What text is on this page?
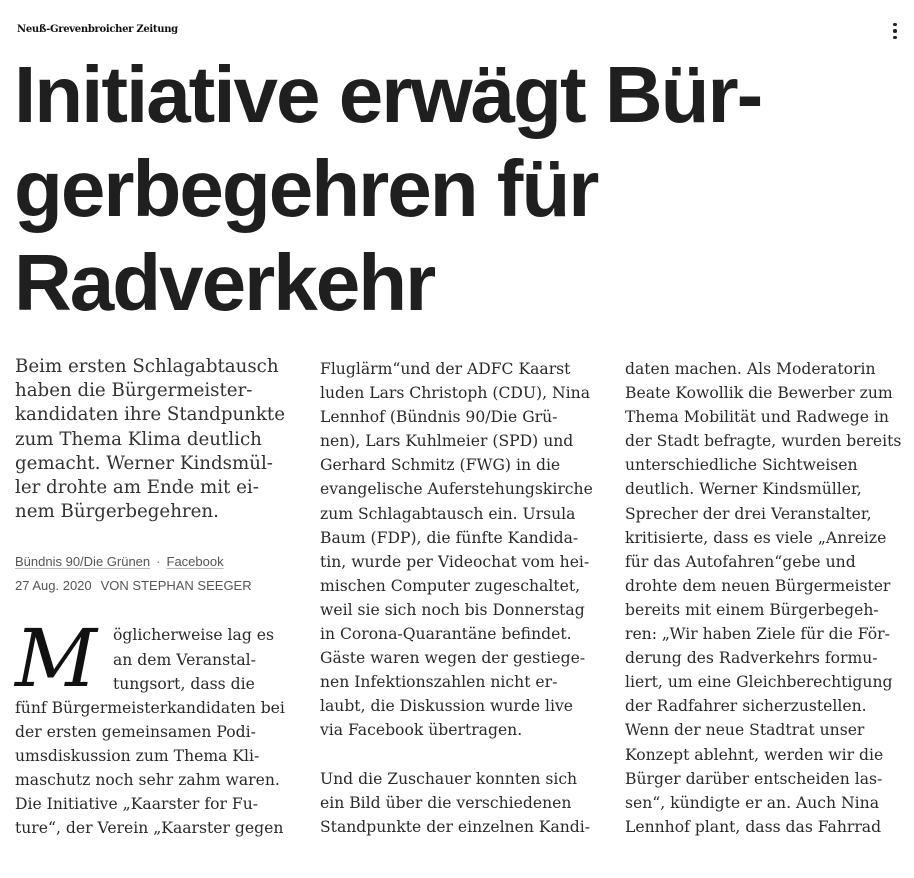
Neuß-Grevenbroicher Zeitung
Initiative erwägt Bür-
gerbegehren für
Radverkehr

Beim ersten Schlagabtausch
haben die Bürgermeister-
kandidaten ihre Standpunkte
zum Thema Klima deutlich
gemacht. Werner Kindsmül-
ler drohte am Ende mit ei-
nem Bürgerbegehren.

Bündnis 90/Die Grünen · Facebook
27 Aug. 2020 VON STEPHAN SEEGER
M	öglicherweise lag es
an dem Veranstal-
tungsort, dass die
fünf Bürgermeisterkandidaten bei
der ersten gemeinsamen Podi-
umsdiskussion zum Thema Kli-
maschutz noch sehr zahm waren.
Die Initiative „Kaarster for Fu-
ture“, der Verein „Kaarster gegen
Fluglärm“und der ADFC Kaarst
luden Lars Christoph (CDU), Nina
Lennhof (Bündnis 90/Die Grü-
nen), Lars Kuhlmeier (SPD) und
Gerhard Schmitz (FWG) in die
evangelische Auferstehungskirche
zum Schlagabtausch ein. Ursula
Baum (FDP), die fünfte Kandida-
tin, wurde per Videochat vom hei-
mischen Computer zugeschaltet,
weil sie sich noch bis Donnerstag
in Corona-Quarantäne befindet.
Gäste waren wegen der gestiege-
nen Infektionszahlen nicht er-
laubt, die Diskussion wurde live
via Facebook übertragen.
Und die Zuschauer konnten sich
ein Bild über die verschiedenen
Standpunkte der einzelnen Kandi-
daten machen. Als Moderatorin
Beate Kowollik die Bewerber zum
Thema Mobilität und Radwege in
der Stadt befragte, wurden bereits
unterschiedliche Sichtweisen
deutlich. Werner Kindsmüller,
Sprecher der drei Veranstalter,
kritisierte, dass es viele „Anreize
für das Autofahren“gebe und
drohte dem neuen Bürgermeister
bereits mit einem Bürgerbegeh-
ren: „Wir haben Ziele für die För-
derung des Radverkehrs formu-
liert, um eine Gleichberechtigung
der Radfahrer sicherzustellen.
Wenn der neue Stadtrat unser
Konzept ablehnt, werden wir die
Bürger darüber entscheiden las-
sen“, kündigte er an. Auch Nina
Lennhof plant, dass das Fahrrad
